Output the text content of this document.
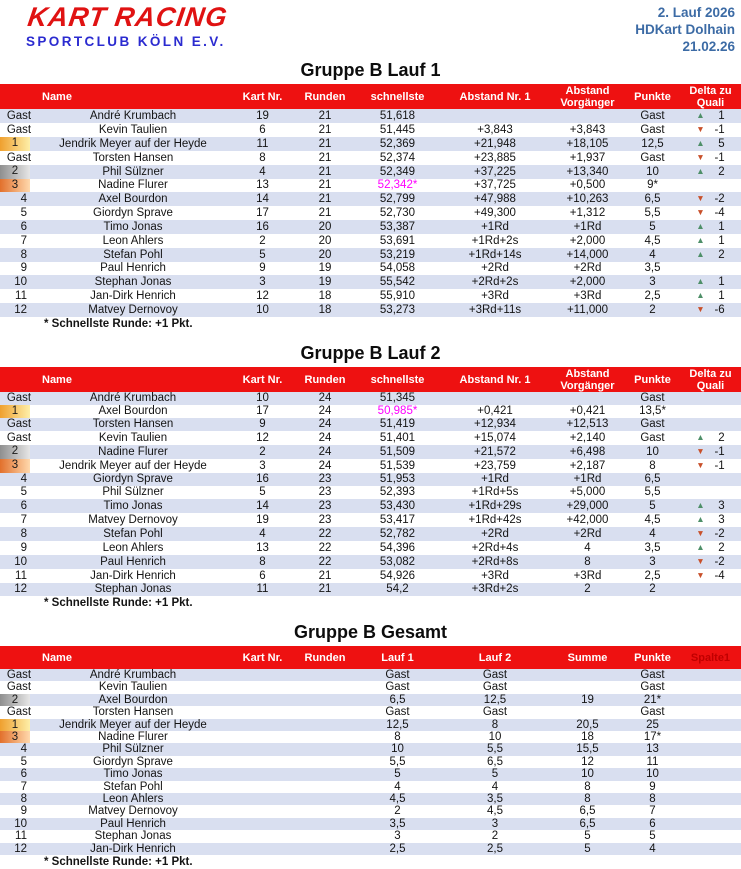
KART RACING
SPORTCLUB KÖLN E.V.
2. Lauf 2026
HDKart Dolhain
21.02.26
Gruppe B Lauf 1
Name		Kart Nr.	Runden	schnellste	Abstand Nr. 1	Abstand Vorgänger	Punkte	Delta zu Quali
Gast	André Krumbach	19	21	51,618			Gast	▲ 1
Gast	Kevin Taulien	6	21	51,445	+3,843	+3,843	Gast	▼ -1

1	Jendrik Meyer auf der Heyde	11	21	52,369	+21,948	+18,105	12,5	▲ 5
Gast	Torsten Hansen	8	21	52,374	+23,885	+1,937	Gast	▼ -1

2	Phil Sülzner	4	21	52,349	+37,225	+13,340	10	▲ 2

3	Nadine Flurer	13	21	52,342*	+37,725	+0,500	9*	
4	Axel Bourdon	14	21	52,799	+47,988	+10,263	6,5	▼ -2
5	Giordyn Sprave	17	21	52,730	+49,300	+1,312	5,5	▼ -4
6	Timo Jonas	16	20	53,387	+1Rd	+1Rd	5	▲ 1
7	Leon Ahlers	2	20	53,691	+1Rd+2s	+2,000	4,5	▲ 1
8	Stefan Pohl	5	20	53,219	+1Rd+14s	+14,000	4	▲ 2
9	Paul Henrich	9	19	54,058	+2Rd	+2Rd	3,5	
10	Stephan Jonas	3	19	55,542	+2Rd+2s	+2,000	3	▲ 1
11	Jan-Dirk Henrich	12	18	55,910	+3Rd	+3Rd	2,5	▲ 1
12	Matvey Dernovoy	10	18	53,273	+3Rd+11s	+11,000	2	▼ -6
* Schnellste Runde: +1 Pkt.
Gruppe B Lauf 2
Name		Kart Nr.	Runden	schnellste	Abstand Nr. 1	Abstand Vorgänger	Punkte	Delta zu Quali
Gast	André Krumbach	10	24	51,345			Gast	

1	Axel Bourdon	17	24	50,985*	+0,421	+0,421	13,5*	
Gast	Torsten Hansen	9	24	51,419	+12,934	+12,513	Gast	
Gast	Kevin Taulien	12	24	51,401	+15,074	+2,140	Gast	▲ 2

2	Nadine Flurer	2	24	51,509	+21,572	+6,498	10	▼ -1

3	Jendrik Meyer auf der Heyde	3	24	51,539	+23,759	+2,187	8	▼ -1
4	Giordyn Sprave	16	23	51,953	+1Rd	+1Rd	6,5	
5	Phil Sülzner	5	23	52,393	+1Rd+5s	+5,000	5,5	
6	Timo Jonas	14	23	53,430	+1Rd+29s	+29,000	5	▲ 3
7	Matvey Dernovoy	19	23	53,417	+1Rd+42s	+42,000	4,5	▲ 3
8	Stefan Pohl	4	22	52,782	+2Rd	+2Rd	4	▼ -2
9	Leon Ahlers	13	22	54,396	+2Rd+4s	4	3,5	▲ 2
10	Paul Henrich	8	22	53,082	+2Rd+8s	8	3	▼ -2
11	Jan-Dirk Henrich	6	21	54,926	+3Rd	+3Rd	2,5	▼ -4
12	Stephan Jonas	11	21	54,2	+3Rd+2s	2	2	
* Schnellste Runde: +1 Pkt.
Gruppe B Gesamt
Name		Kart Nr.	Runden	Lauf 1	Lauf 2	Summe	Punkte	Spalte1
Gast	André Krumbach			Gast	Gast		Gast	
Gast	Kevin Taulien			Gast	Gast		Gast	

2	Axel Bourdon			6,5	12,5	19	21*	
Gast	Torsten Hansen			Gast	Gast		Gast	

1	Jendrik Meyer auf der Heyde			12,5	8	20,5	25	

3	Nadine Flurer			8	10	18	17*	
4	Phil Sülzner			10	5,5	15,5	13	
5	Giordyn Sprave			5,5	6,5	12	11	
6	Timo Jonas			5	5	10	10	
7	Stefan Pohl			4	4	8	9	
8	Leon Ahlers			4,5	3,5	8	8	
9	Matvey Dernovoy			2	4,5	6,5	7	
10	Paul Henrich			3,5	3	6,5	6	
11	Stephan Jonas			3	2	5	5	
12	Jan-Dirk Henrich			2,5	2,5	5	4	
* Schnellste Runde: +1 Pkt.
